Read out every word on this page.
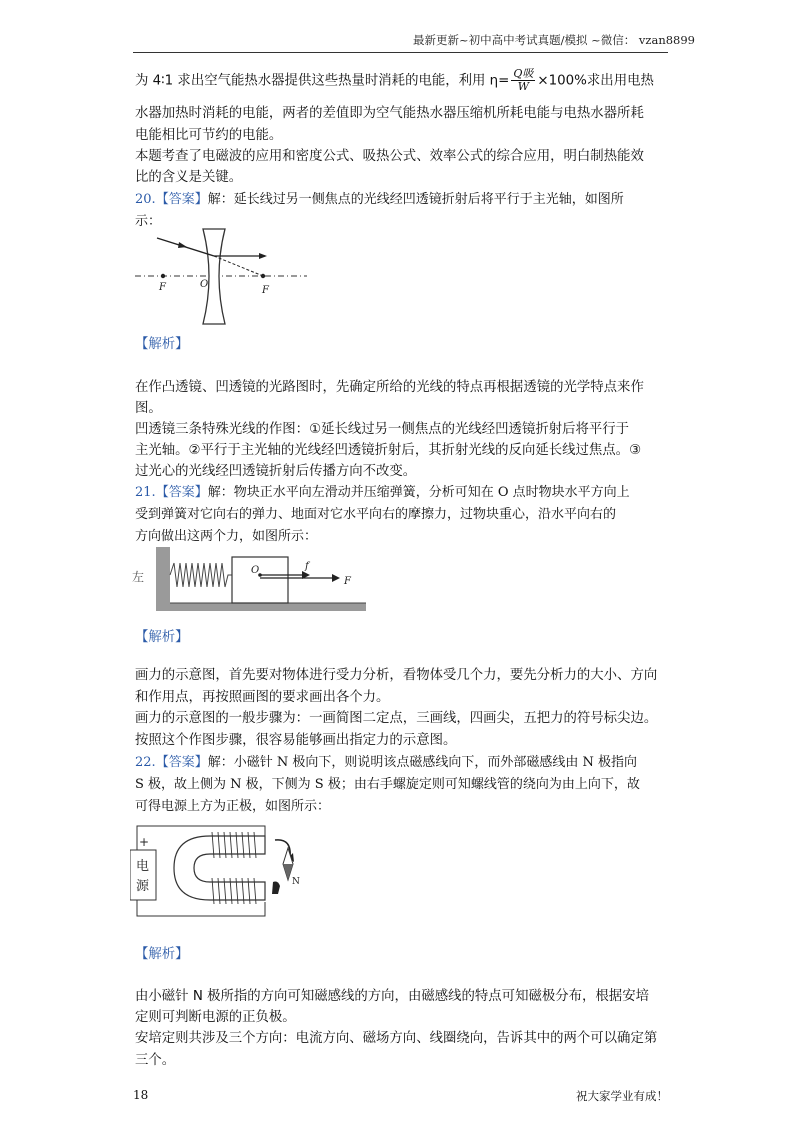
最新更新~初中高中考试真题/模拟 ~微信： vzan8899
为 4∶1 求出空气能热水器提供这些热量时消耗的电能，利用 $\eta= \frac{\text{Q吸}}{W} \times 100\%$求出用电热
水器加热时消耗的电能，两者的差值即为空气能热水器压缩机所耗电能与电热水器所耗
电能相比可节约的电能。
本题考查了电磁波的应用和密度公式、吸热公式、效率公式的综合应用，明白制热能效
比的含义是关键。
20.【答案】解：延长线过另一侧焦点的光线经凹透镜折射后将平行于主光轴，如图所
示：
F	O
F
【解析】
在作凸透镜、凹透镜的光路图时，先确定所给的光线的特点再根据透镜的光学特点来作
图。
凹透镜三条特殊光线的作图：①延长线过另一侧焦点的光线经凹透镜折射后将平行于
主光轴。②平行于主光轴的光线经凹透镜折射后，其折射光线的反向延长线过焦点。③
过光心的光线经凹透镜折射后传播方向不改变。
21.【答案】解：物块正水平向左滑动并压缩弹簧，分析可知在 O 点时物块水平方向上
受到弹簧对它向右的弹力、地面对它水平向右的摩擦力，过物块重心，沿水平向右的
方向做出这两个力，如图所示：
左	O	f
F
【解析】
画力的示意图，首先要对物体进行受力分析，看物体受几个力，要先分析力的大小、方向
和作用点，再按照画图的要求画出各个力。
画力的示意图的一般步骤为：一画简图二定点，三画线，四画尖，五把力的符号标尖边。
按照这个作图步骤，很容易能够画出指定力的示意图。
22.【答案】解：小磁针 N 极向下，则说明该点磁感线向下，而外部磁感线由 N 极指向
S 极，故上侧为 N 极，下侧为 S 极；由右手螺旋定则可知螺线管的绕向为由上向下，故
可得电源上方为正极，如图所示：
电
源
+
N
【解析】
由小磁针 N 极所指的方向可知磁感线的方向，由磁感线的特点可知磁极分布，根据安培
定则可判断电源的正负极。
安培定则共涉及三个方向：电流方向、磁场方向、线圈绕向，告诉其中的两个可以确定第
三个。
18	祝大家学业有成！
